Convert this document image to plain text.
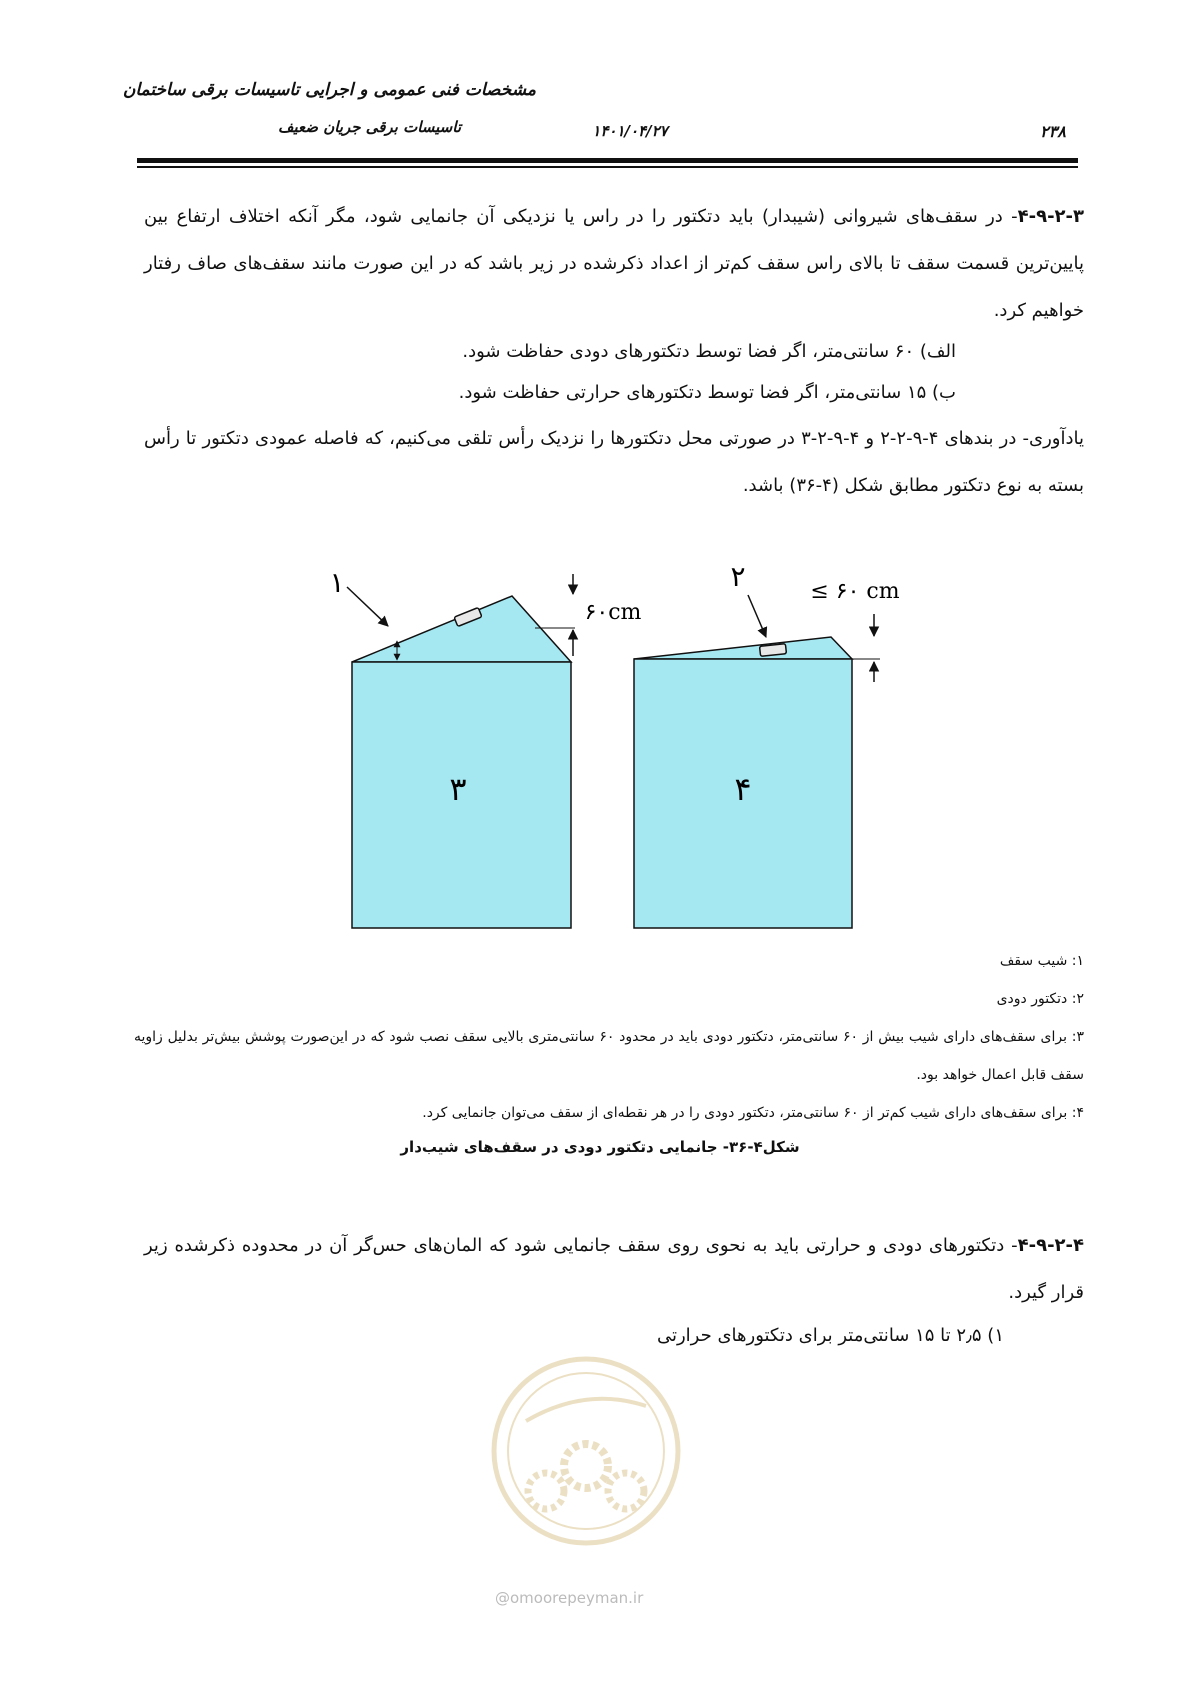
مشخصات فنی عمومی و اجرایی تاسیسات برقی ساختمان
تاسیسات برقی جریان ضعیف	۱۴۰۱/۰۴/۲۷	۲۳۸
۴-۹-۲-۳- در سقف‌های شیروانی (شیبدار) باید دتکتور را در راس یا نزدیکی آن جانمایی شود، مگر آنکه اختلاف ارتفاع بین پایین‌ترین قسمت سقف تا بالای راس سقف کم‌تر از اعداد ذکرشده در زیر باشد که در این صورت مانند سقف‌های صاف رفتار خواهیم کرد.
الف) ۶۰ سانتی‌متر، اگر فضا توسط دتکتورهای دودی حفاظت شود.
ب) ۱۵ سانتی‌متر، اگر فضا توسط دتکتورهای حرارتی حفاظت شود.
یادآوری- در بندهای ۴-۹-۲-۲ و ۴-۹-۲-۳ در صورتی محل دتکتورها را نزدیک رأس تلقی می‌کنیم، که فاصله عمودی دتکتور تا رأس بسته به نوع دتکتور مطابق شکل (۴-۳۶) باشد.
۱
۶۰cm
۳
۲	≤ ۶۰ cm
۴
۱: شیب سقف
۲: دتکتور دودی
۳: برای سقف‌های دارای شیب بیش از ۶۰ سانتی‌متر، دتکتور دودی باید در محدود ۶۰ سانتی‌متری بالایی سقف نصب شود که در این‌صورت پوشش بیش‌تر بدلیل زاویه سقف قابل اعمال خواهد بود.
۴: برای سقف‌های دارای شیب کم‌تر از ۶۰ سانتی‌متر، دتکتور دودی را در هر نقطه‌ای از سقف می‌توان جانمایی کرد.
شکل۴-۳۶- جانمایی دتکتور دودی در سقف‌های شیب‌دار
۴-۹-۲-۴- دتکتورهای دودی و حرارتی باید به نحوی روی سقف جانمایی شود که المان‌های حس‌گر آن در محدوده ذکرشده زیر قرار گیرد.
۱) ۲٫۵ تا ۱۵ سانتی‌متر برای دتکتورهای حرارتی
@omoorepeyman.ir
